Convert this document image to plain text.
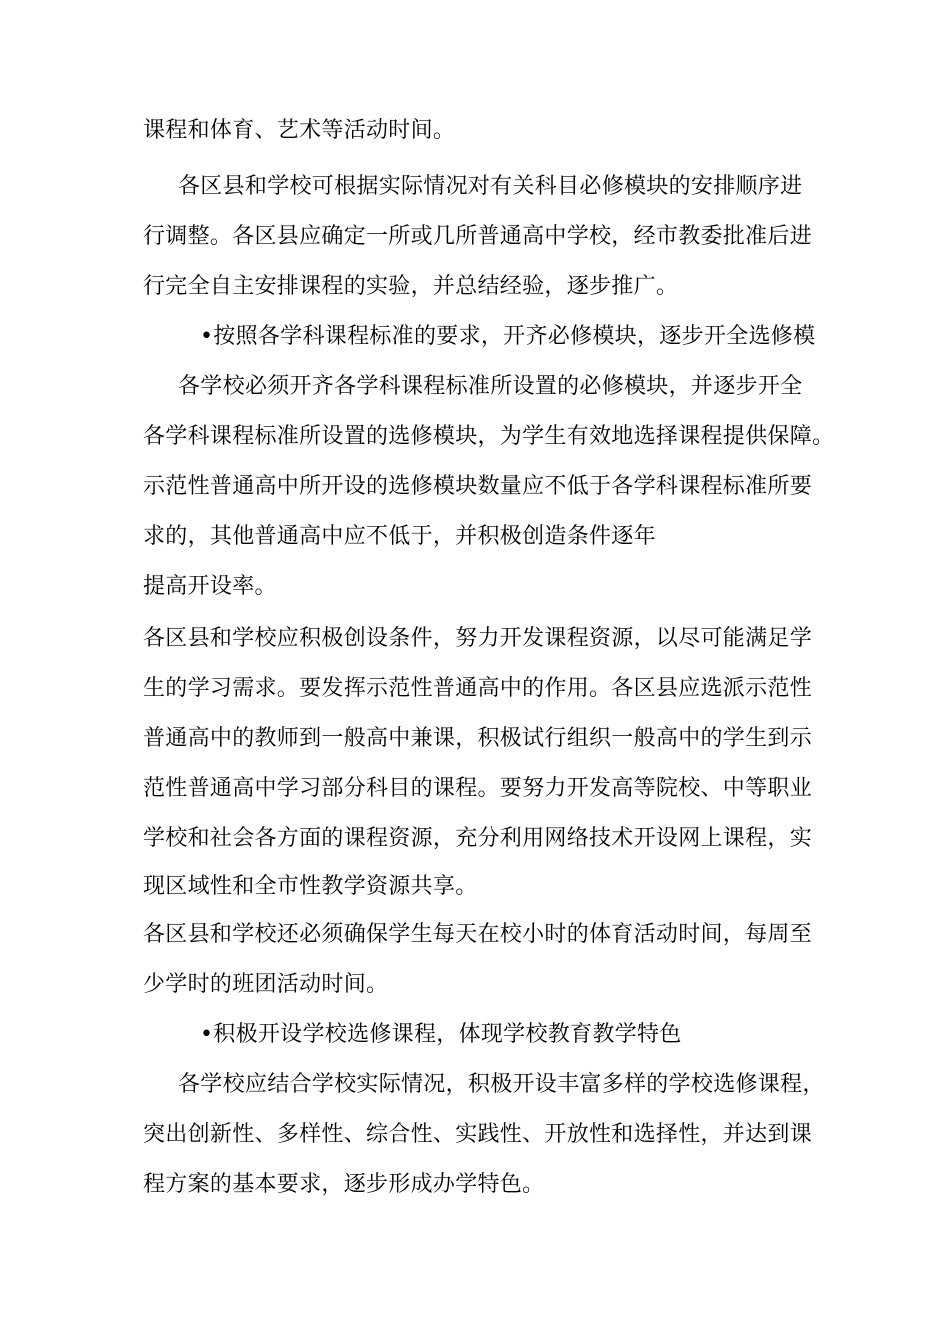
课程和体育、艺术等活动时间。
各区县和学校可根据实际情况对有关科目必修模块的安排顺序进
行调整。各区县应确定一所或几所普通高中学校，经市教委批准后进
行完全自主安排课程的实验，并总结经验，逐步推广。
•按照各学科课程标准的要求，开齐必修模块，逐步开全选修模
各学校必须开齐各学科课程标准所设置的必修模块，并逐步开全
各学科课程标准所设置的选修模块，为学生有效地选择课程提供保障。
示范性普通高中所开设的选修模块数量应不低于各学科课程标准所要
求的，其他普通高中应不低于，并积极创造条件逐年
提高开设率。
各区县和学校应积极创设条件，努力开发课程资源，以尽可能满足学
生的学习需求。要发挥示范性普通高中的作用。各区县应选派示范性
普通高中的教师到一般高中兼课，积极试行组织一般高中的学生到示
范性普通高中学习部分科目的课程。要努力开发高等院校、中等职业
学校和社会各方面的课程资源，充分利用网络技术开设网上课程，实
现区域性和全市性教学资源共享。
各区县和学校还必须确保学生每天在校小时的体育活动时间，每周至
少学时的班团活动时间。
•积极开设学校选修课程，体现学校教育教学特色
各学校应结合学校实际情况，积极开设丰富多样的学校选修课程，
突出创新性、多样性、综合性、实践性、开放性和选择性，并达到课
程方案的基本要求，逐步形成办学特色。
